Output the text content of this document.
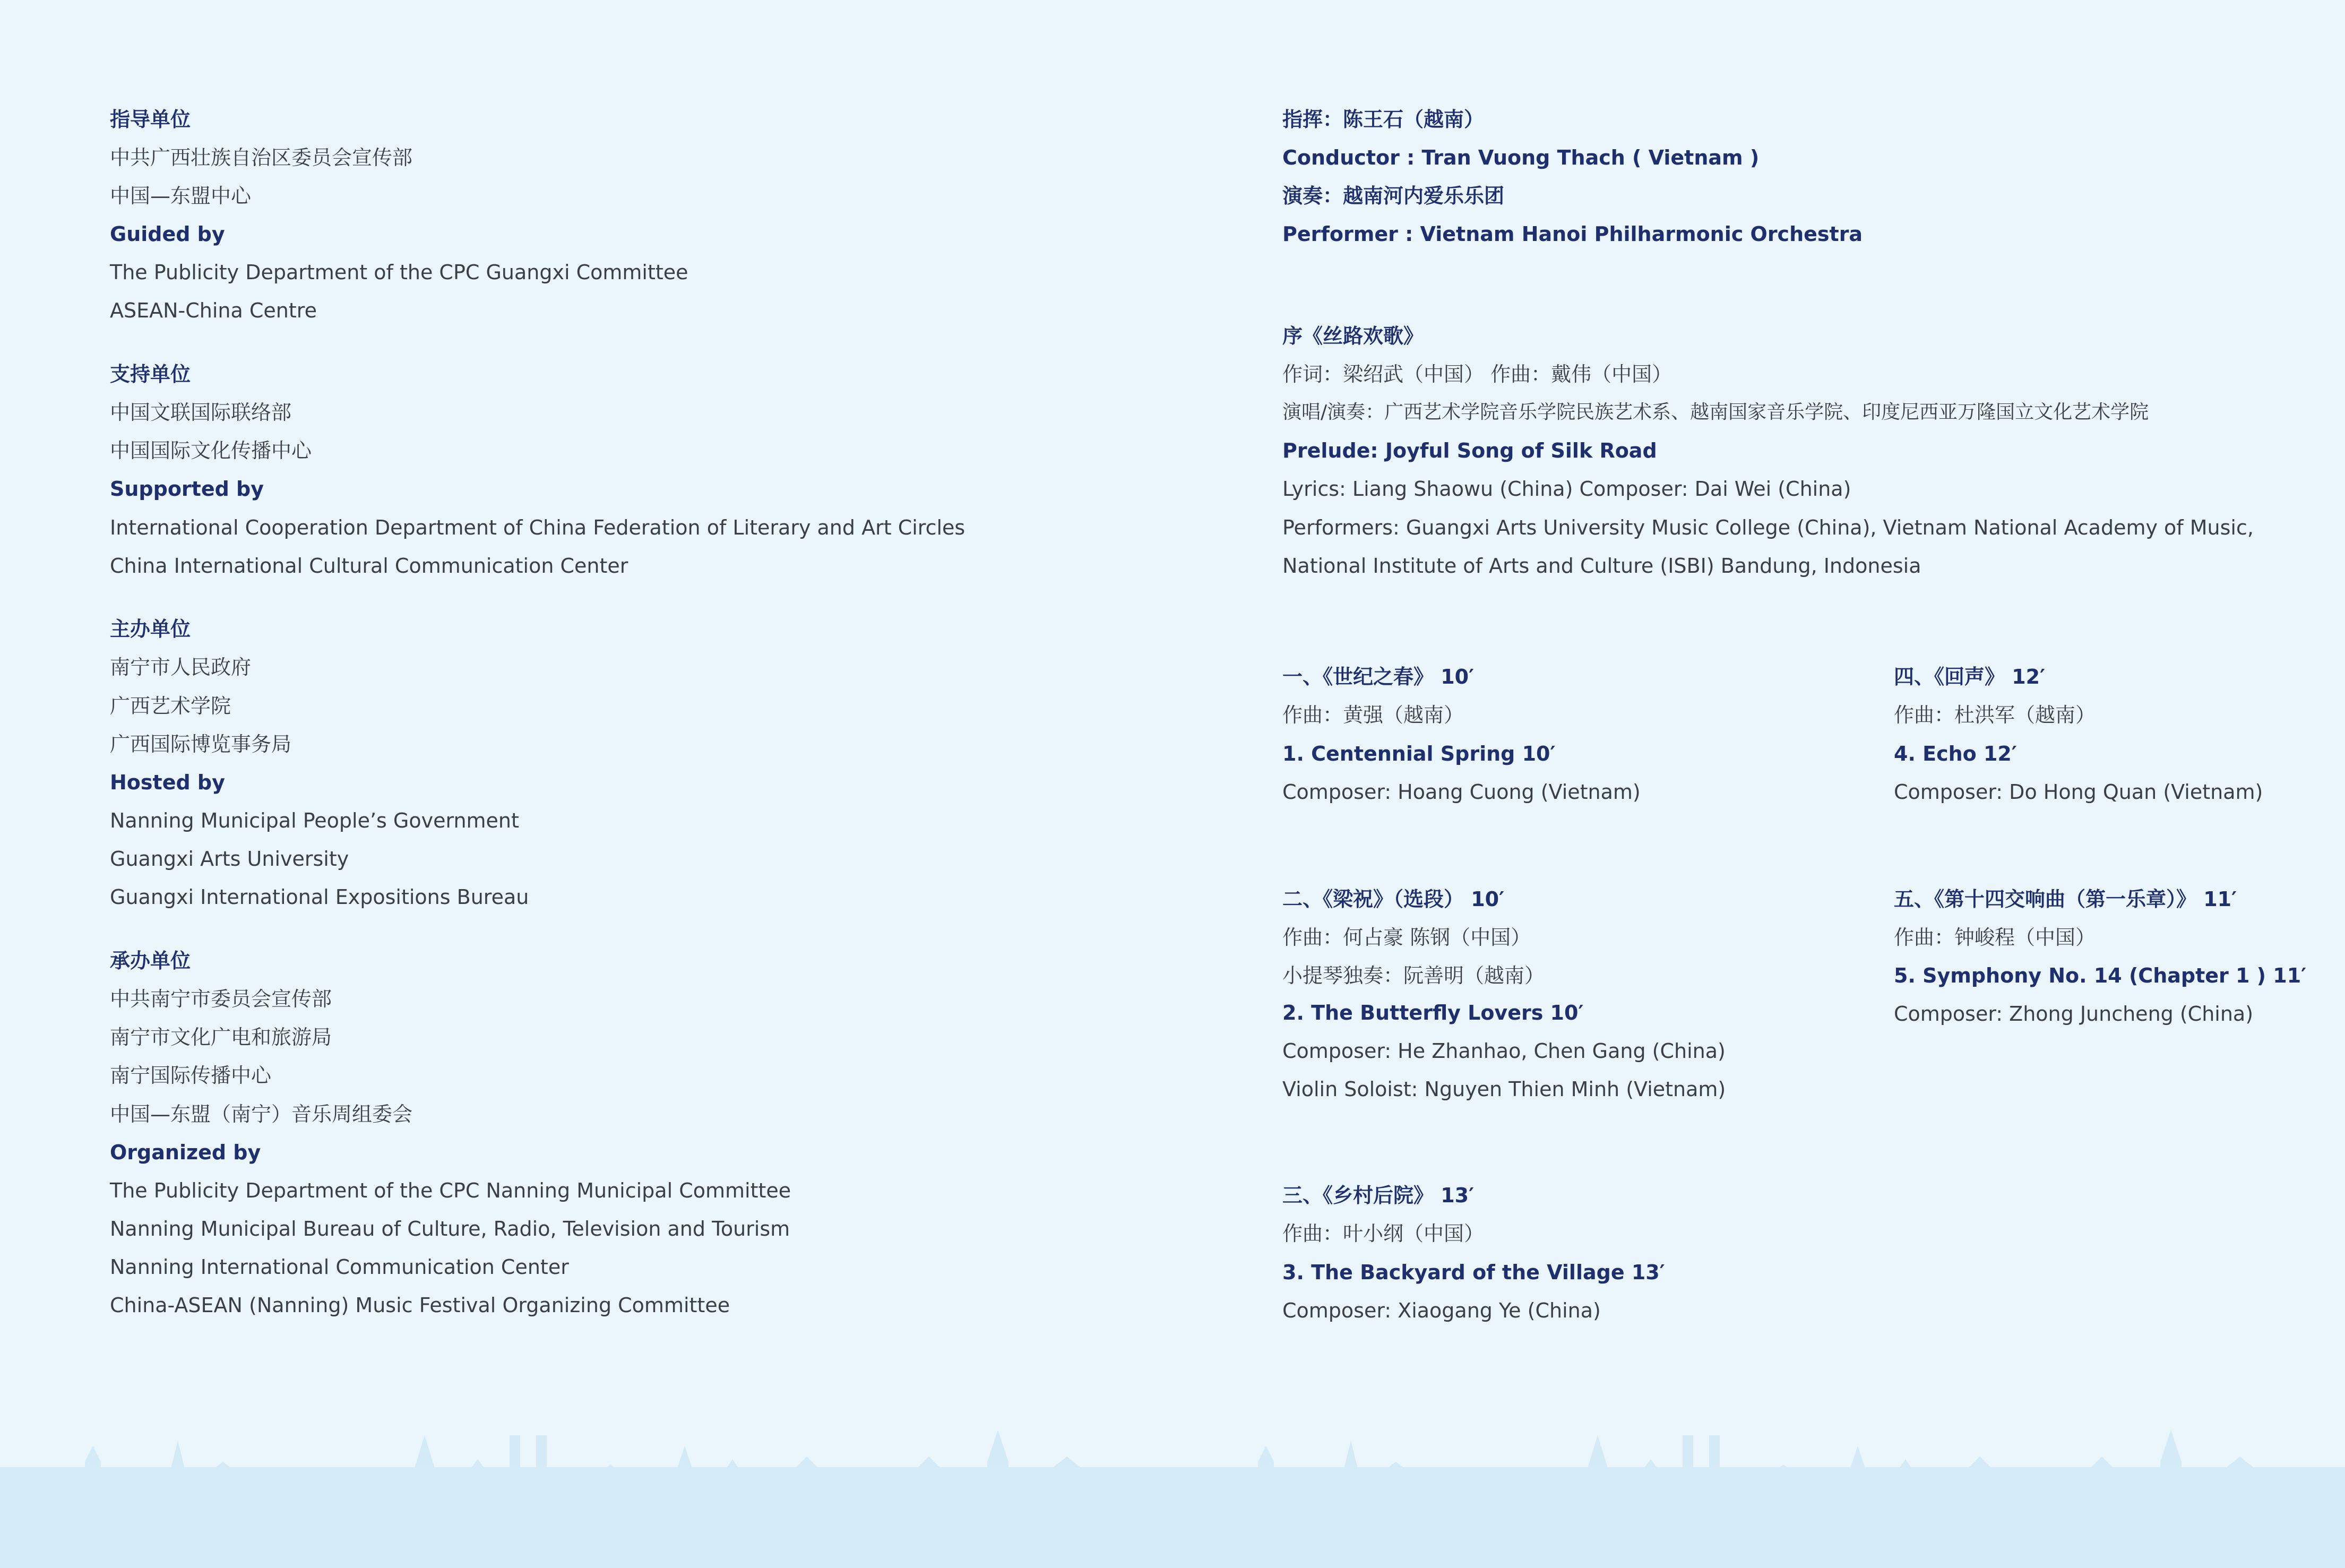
指导单位
中共广西壮族自治区委员会宣传部
中国—东盟中心
Guided by
The Publicity Department of the CPC Guangxi Committee
ASEAN-China Centre
支持单位
中国文联国际联络部
中国国际文化传播中心
Supported by
International Cooperation Department of China Federation of Literary and Art Circles
China International Cultural Communication Center
主办单位
南宁市人民政府
广西艺术学院
广西国际博览事务局
Hosted by
Nanning Municipal People’s Government
Guangxi Arts University
Guangxi International Expositions Bureau
承办单位
中共南宁市委员会宣传部
南宁市文化广电和旅游局
南宁国际传播中心
中国—东盟（南宁）音乐周组委会
Organized by
The Publicity Department of the CPC Nanning Municipal Committee
Nanning Municipal Bureau of Culture, Radio, Television and Tourism
Nanning International Communication Center
China-ASEAN (Nanning) Music Festival Organizing Committee
指挥：陈王石（越南）
Conductor : Tran Vuong Thach ( Vietnam )
演奏：越南河内爱乐乐团
Performer : Vietnam Hanoi Philharmonic Orchestra
序《丝路欢歌》
作词：梁绍武（中国） 作曲：戴伟（中国）
演唱/演奏：广西艺术学院音乐学院民族艺术系、越南国家音乐学院、印度尼西亚万隆国立文化艺术学院
Prelude: Joyful Song of Silk Road
Lyrics: Liang Shaowu (China) Composer: Dai Wei (China)
Performers: Guangxi Arts University Music College (China), Vietnam National Academy of Music,
National Institute of Arts and Culture (ISBI) Bandung, Indonesia
一、《世纪之春》 10′
作曲：黄强（越南）
1. Centennial Spring 10′
Composer: Hoang Cuong (Vietnam)
二、《梁祝》（选段） 10′
作曲：何占豪 陈钢（中国）
小提琴独奏：阮善明（越南）
2. The Butterfly Lovers 10′
Composer: He Zhanhao, Chen Gang (China)
Violin Soloist: Nguyen Thien Minh (Vietnam)
三、《乡村后院》 13′
作曲：叶小纲（中国）
3. The Backyard of the Village 13′
Composer: Xiaogang Ye (China)
四、《回声》 12′
作曲：杜洪军（越南）
4. Echo 12′
Composer: Do Hong Quan (Vietnam)
五、《第十四交响曲（第一乐章）》 11′
作曲：钟峻程（中国）
5. Symphony No. 14 (Chapter 1 ) 11′
Composer: Zhong Juncheng (China)
